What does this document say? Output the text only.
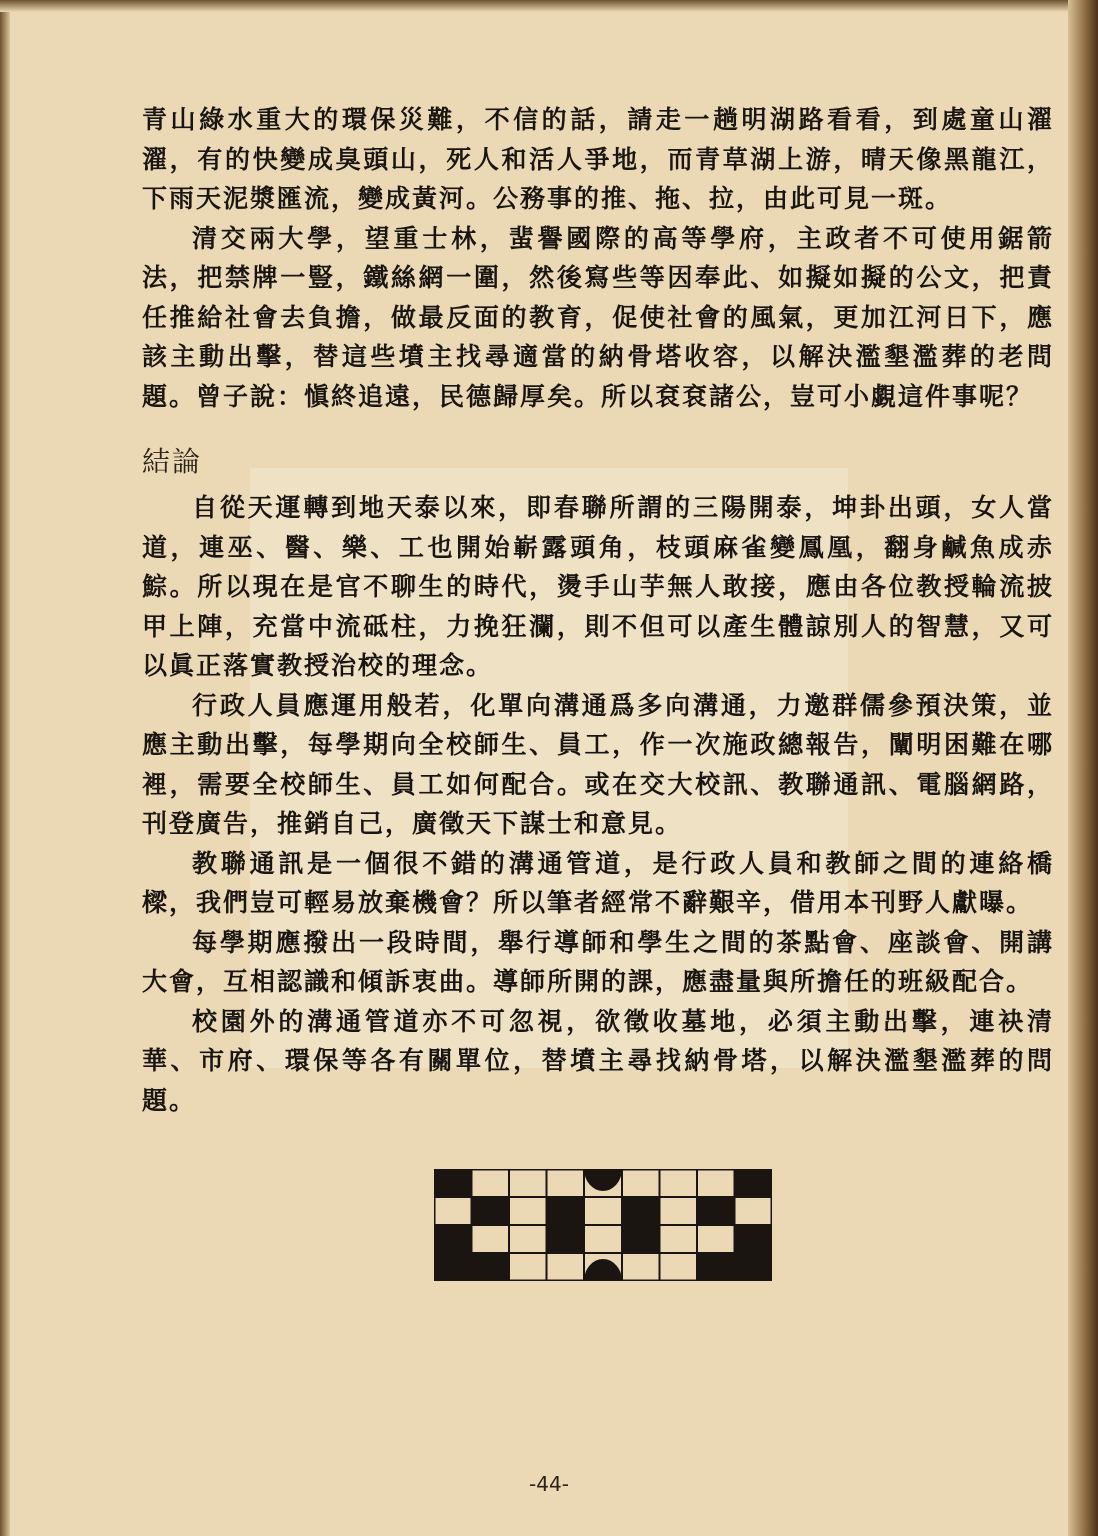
青山綠水重大的環保災難，不信的話，請走一趟明湖路看看，到處童山濯濯，有的快變成臭頭山，死人和活人爭地，而青草湖上游，晴天像黑龍江，下雨天泥漿匯流，變成黃河。公務事的推、拖、拉，由此可見一斑。

清交兩大學，望重士林，蜚譽國際的高等學府，主政者不可使用鋸箭法，把禁牌一豎，鐵絲網一圍，然後寫些等因奉此、如擬如擬的公文，把責任推給社會去負擔，做最反面的教育，促使社會的風氣，更加江河日下，應該主動出擊，替這些墳主找尋適當的納骨塔收容，以解決濫墾濫葬的老問題。曾子說：愼終追遠，民德歸厚矣。所以袞袞諸公，豈可小覷這件事呢？

結論

自從天運轉到地天泰以來，即春聯所謂的三陽開泰，坤卦出頭，女人當道，連巫、醫、樂、工也開始嶄露頭角，枝頭麻雀變鳳凰，翻身鹹魚成赤鯮。所以現在是官不聊生的時代，燙手山芋無人敢接，應由各位教授輪流披甲上陣，充當中流砥柱，力挽狂瀾，則不但可以產生體諒別人的智慧，又可以眞正落實教授治校的理念。

行政人員應運用般若，化單向溝通爲多向溝通，力邀群儒參預決策，並應主動出擊，每學期向全校師生、員工，作一次施政總報告，闡明困難在哪裡，需要全校師生、員工如何配合。或在交大校訊、教聯通訊、電腦網路，刊登廣告，推銷自己，廣徵天下謀士和意見。

教聯通訊是一個很不錯的溝通管道，是行政人員和教師之間的連絡橋樑，我們豈可輕易放棄機會？所以筆者經常不辭艱辛，借用本刊野人獻曝。

每學期應撥出一段時間，舉行導師和學生之間的茶點會、座談會、開講大會，互相認識和傾訴衷曲。導師所開的課，應盡量與所擔任的班級配合。

校園外的溝通管道亦不可忽視，欲徵收墓地，必須主動出擊，連袂清華、市府、環保等各有關單位，替墳主尋找納骨塔，以解決濫墾濫葬的問題。

-44-
